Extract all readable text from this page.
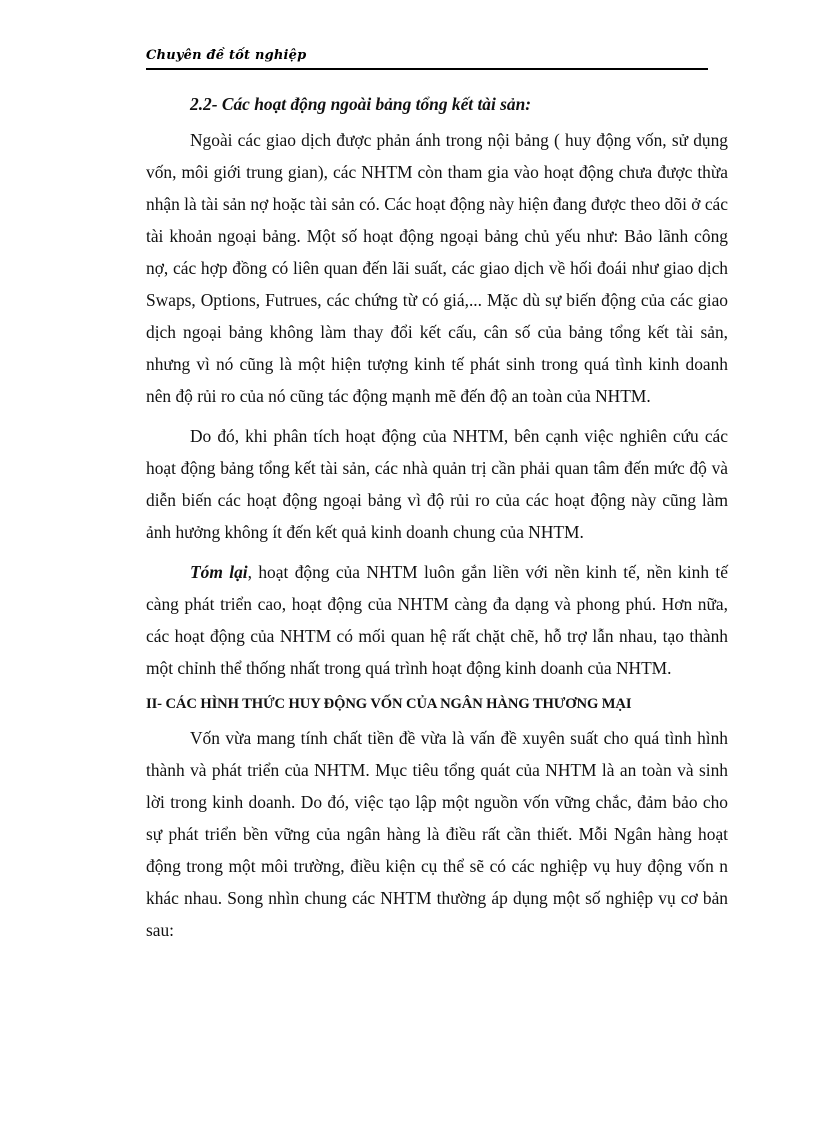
Chuyên đề tốt nghiệp
2.2- Các hoạt động ngoài bảng tổng kết tài sản:

Ngoài các giao dịch được phản ánh trong nội bảng ( huy động vốn, sử dụng vốn, môi giới trung gian), các NHTM còn tham gia vào hoạt động chưa được thừa nhận là tài sản nợ hoặc tài sản có. Các hoạt động này hiện đang được theo dõi ở các tài khoản ngoại bảng. Một số hoạt động ngoại bảng chủ yếu như: Bảo lãnh công nợ, các hợp đồng có liên quan đến lãi suất, các giao dịch về hối đoái như giao dịch Swaps, Options, Futrues, các chứng từ có giá,... Mặc dù sự biến động của các giao dịch ngoại bảng không làm thay đổi kết cấu, cân số của bảng tổng kết tài sản, nhưng vì nó cũng là một hiện tượng kinh tế phát sinh trong quá tình kinh doanh nên độ rủi ro của nó cũng tác động mạnh mẽ đến độ an toàn của NHTM.

Do đó, khi phân tích hoạt động của NHTM, bên cạnh việc nghiên cứu các hoạt động bảng tổng kết tài sản, các nhà quản trị cần phải quan tâm đến mức độ và diễn biến các hoạt động ngoại bảng vì độ rủi ro của các hoạt động này cũng làm ảnh hưởng không ít đến kết quả kinh doanh chung của NHTM.

Tóm lại, hoạt động của NHTM luôn gắn liền với nền kinh tế, nền kinh tế càng phát triển cao, hoạt động của NHTM càng đa dạng và phong phú. Hơn nữa, các hoạt động của NHTM có mối quan hệ rất chặt chẽ, hỗ trợ lẫn nhau, tạo thành một chỉnh thể thống nhất trong quá trình hoạt động kinh doanh của NHTM.

II- CÁC HÌNH THỨC HUY ĐỘNG VỐN CỦA NGÂN HÀNG THƯƠNG MẠI

Vốn vừa mang tính chất tiền đề vừa là vấn đề xuyên suất cho quá tình hình thành và phát triển của NHTM. Mục tiêu tổng quát của NHTM là an toàn và sinh lời trong kinh doanh. Do đó, việc tạo lập một nguồn vốn vững chắc, đảm bảo cho sự phát triển bền vững của ngân hàng là điều rất cần thiết. Mỗi Ngân hàng hoạt động trong một môi trường, điều kiện cụ thể sẽ có các nghiệp vụ huy động vốn n khác nhau. Song nhìn chung các NHTM thường áp dụng một số nghiệp vụ cơ bản sau:
